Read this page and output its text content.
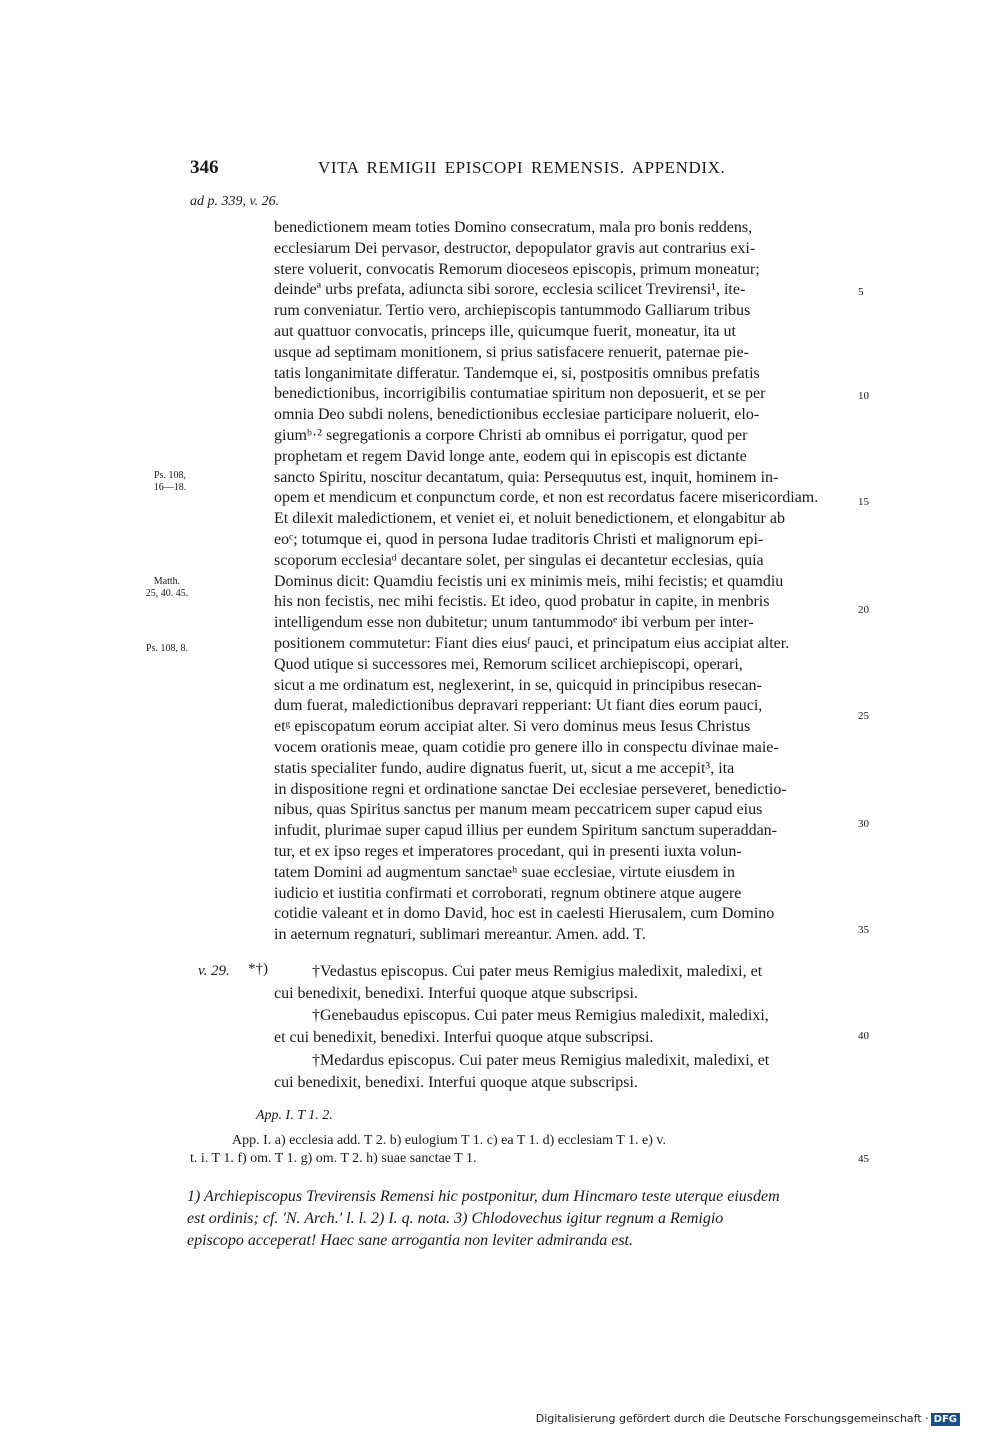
346	VITA REMIGII EPISCOPI REMENSIS. APPENDIX.
ad p. 339, v. 26.
benedictionem meam toties Domino consecratum, mala pro bonis reddens,
ecclesiarum Dei pervasor, destructor, depopulator gravis aut contrarius exi-
stere voluerit, convocatis Remorum dioceseos episcopis, primum moneatur;
deindeª urbs prefata, adiuncta sibi sorore, ecclesia scilicet Trevirensi¹, ite-
rum conveniatur. Tertio vero, archiepiscopis tantummodo Galliarum tribus
aut quattuor convocatis, princeps ille, quicumque fuerit, moneatur, ita ut
usque ad septimam monitionem, si prius satisfacere renuerit, paternae pie-
tatis longanimitate differatur. Tandemque ei, si, postpositis omnibus prefatis
benedictionibus, incorrigibilis contumatiae spiritum non deposuerit, et se per
omnia Deo subdi nolens, benedictionibus ecclesiae participare noluerit, elo-
giumᵇ·² segregationis a corpore Christi ab omnibus ei porrigatur, quod per
prophetam et regem David longe ante, eodem qui in episcopis est dictante
sancto Spiritu, noscitur decantatum, quia: Persequutus est, inquit, hominem in-
opem et mendicum et conpunctum corde, et non est recordatus facere misericordiam.
Et dilexit maledictionem, et veniet ei, et noluit benedictionem, et elongabitur ab
eoᶜ; totumque ei, quod in persona Iudae traditoris Christi et malignorum epi-
scoporum ecclesiaᵈ decantare solet, per singulas ei decantetur ecclesias, quia
Dominus dicit: Quamdiu fecistis uni ex minimis meis, mihi fecistis; et quamdiu
his non fecistis, nec mihi fecistis. Et ideo, quod probatur in capite, in menbris
intelligendum esse non dubitetur; unum tantummodoᵉ ibi verbum per inter-
positionem commutetur: Fiant dies eiusᶠ pauci, et principatum eius accipiat alter.
Quod utique si successores mei, Remorum scilicet archiepiscopi, operari,
sicut a me ordinatum est, neglexerint, in se, quicquid in principibus resecan-
dum fuerat, maledictionibus depravari repperiant: Ut fiant dies eorum pauci,
etᵍ episcopatum eorum accipiat alter. Si vero dominus meus Iesus Christus
vocem orationis meae, quam cotidie pro genere illo in conspectu divinae maie-
statis specialiter fundo, audire dignatus fuerit, ut, sicut a me accepit³, ita
in dispositione regni et ordinatione sanctae Dei ecclesiae perseveret, benedictio-
nibus, quas Spiritus sanctus per manum meam peccatricem super capud eius
infudit, plurimae super capud illius per eundem Spiritum sanctum superaddan-
tur, et ex ipso reges et imperatores procedant, qui in presenti iuxta volun-
tatem Domini ad augmentum sanctaeʰ suae ecclesiae, virtute eiusdem in
iudicio et iustitia confirmati et corroborati, regnum obtinere atque augere
cotidie valeant et in domo David, hoc est in caelesti Hierusalem, cum Domino
in aeternum regnaturi, sublimari mereantur. Amen. add. T.
5
10
15
20
25
30
35
40
45
Ps. 108,
16—18.
Matth.
25, 40. 45.
Ps. 108, 8.
v. 29. *†)	†Vedastus episcopus. Cui pater meus Remigius maledixit, maledixi, et
cui benedixit, benedixi. Interfui quoque atque subscripsi.
†Genebaudus episcopus. Cui pater meus Remigius maledixit, maledixi,
et cui benedixit, benedixi. Interfui quoque atque subscripsi.
†Medardus episcopus. Cui pater meus Remigius maledixit, maledixi, et
cui benedixit, benedixi. Interfui quoque atque subscripsi.
App. I. T 1. 2.
App. I. a) ecclesia add. T 2. b) eulogium T 1. c) ea T 1. d) ecclesiam T 1. e) v.
t. i. T 1. f) om. T 1. g) om. T 2. h) suae sanctae T 1.
1) Archiepiscopus Trevirensis Remensi hic postponitur, dum Hincmaro teste uterque eiusdem
est ordinis; cf. 'N. Arch.' l. l. 2) I. q. nota. 3) Chlodovechus igitur regnum a Remigio
episcopo acceperat! Haec sane arrogantia non leviter admiranda est.
Digitalisierung gefördert durch die Deutsche Forschungsgemeinschaft · DFG
